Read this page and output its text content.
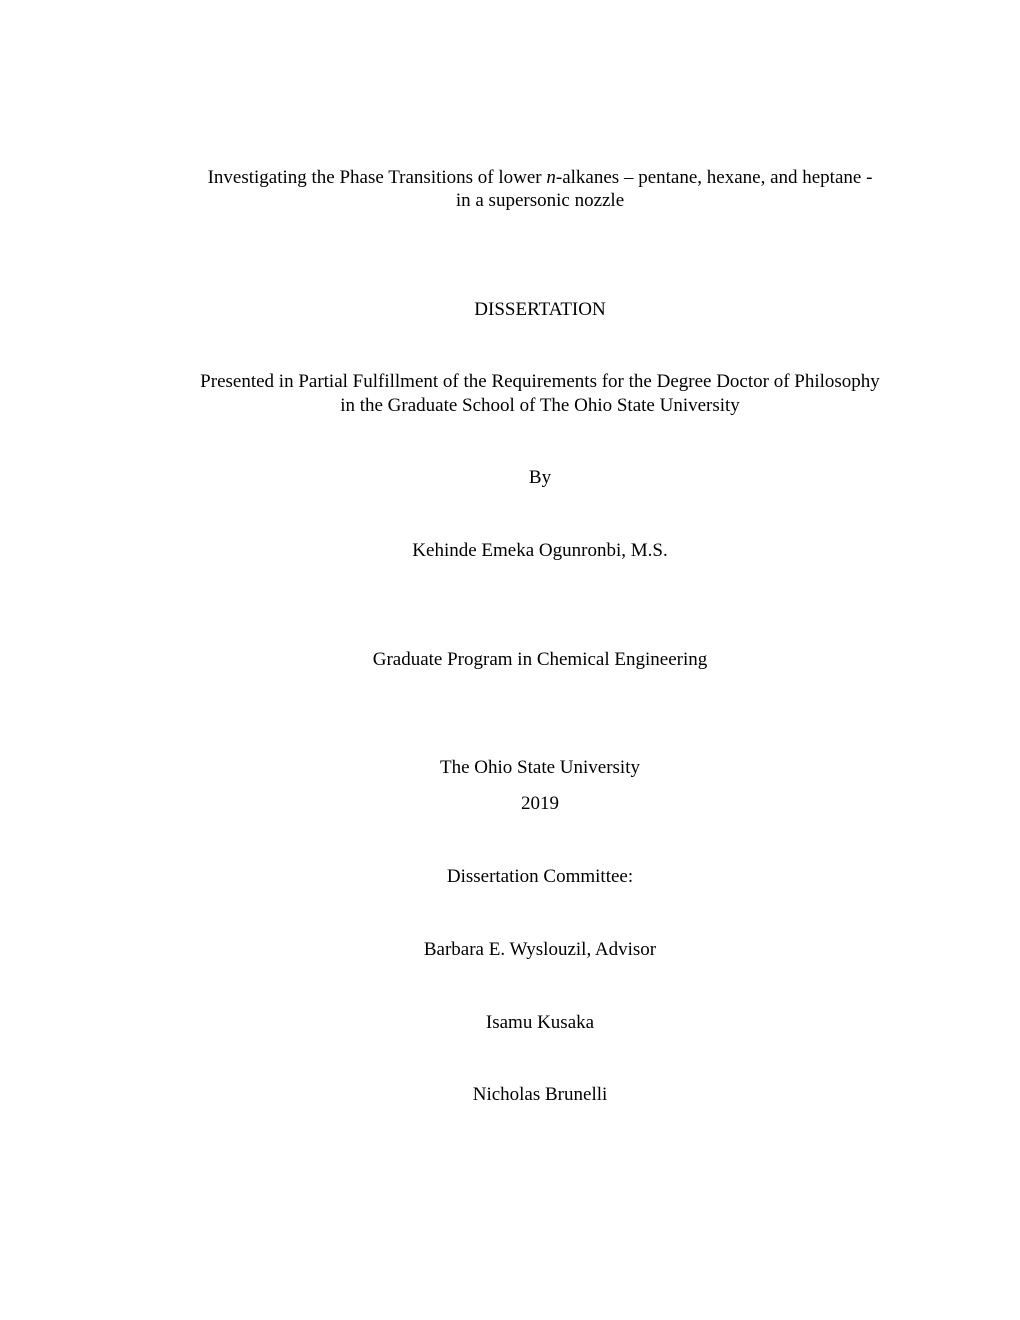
Investigating the Phase Transitions of lower n-alkanes – pentane, hexane, and heptane -
in a supersonic nozzle
DISSERTATION
Presented in Partial Fulfillment of the Requirements for the Degree Doctor of Philosophy
in the Graduate School of The Ohio State University
By
Kehinde Emeka Ogunronbi, M.S.
Graduate Program in Chemical Engineering
The Ohio State University
2019
Dissertation Committee:
Barbara E. Wyslouzil, Advisor
Isamu Kusaka
Nicholas Brunelli
